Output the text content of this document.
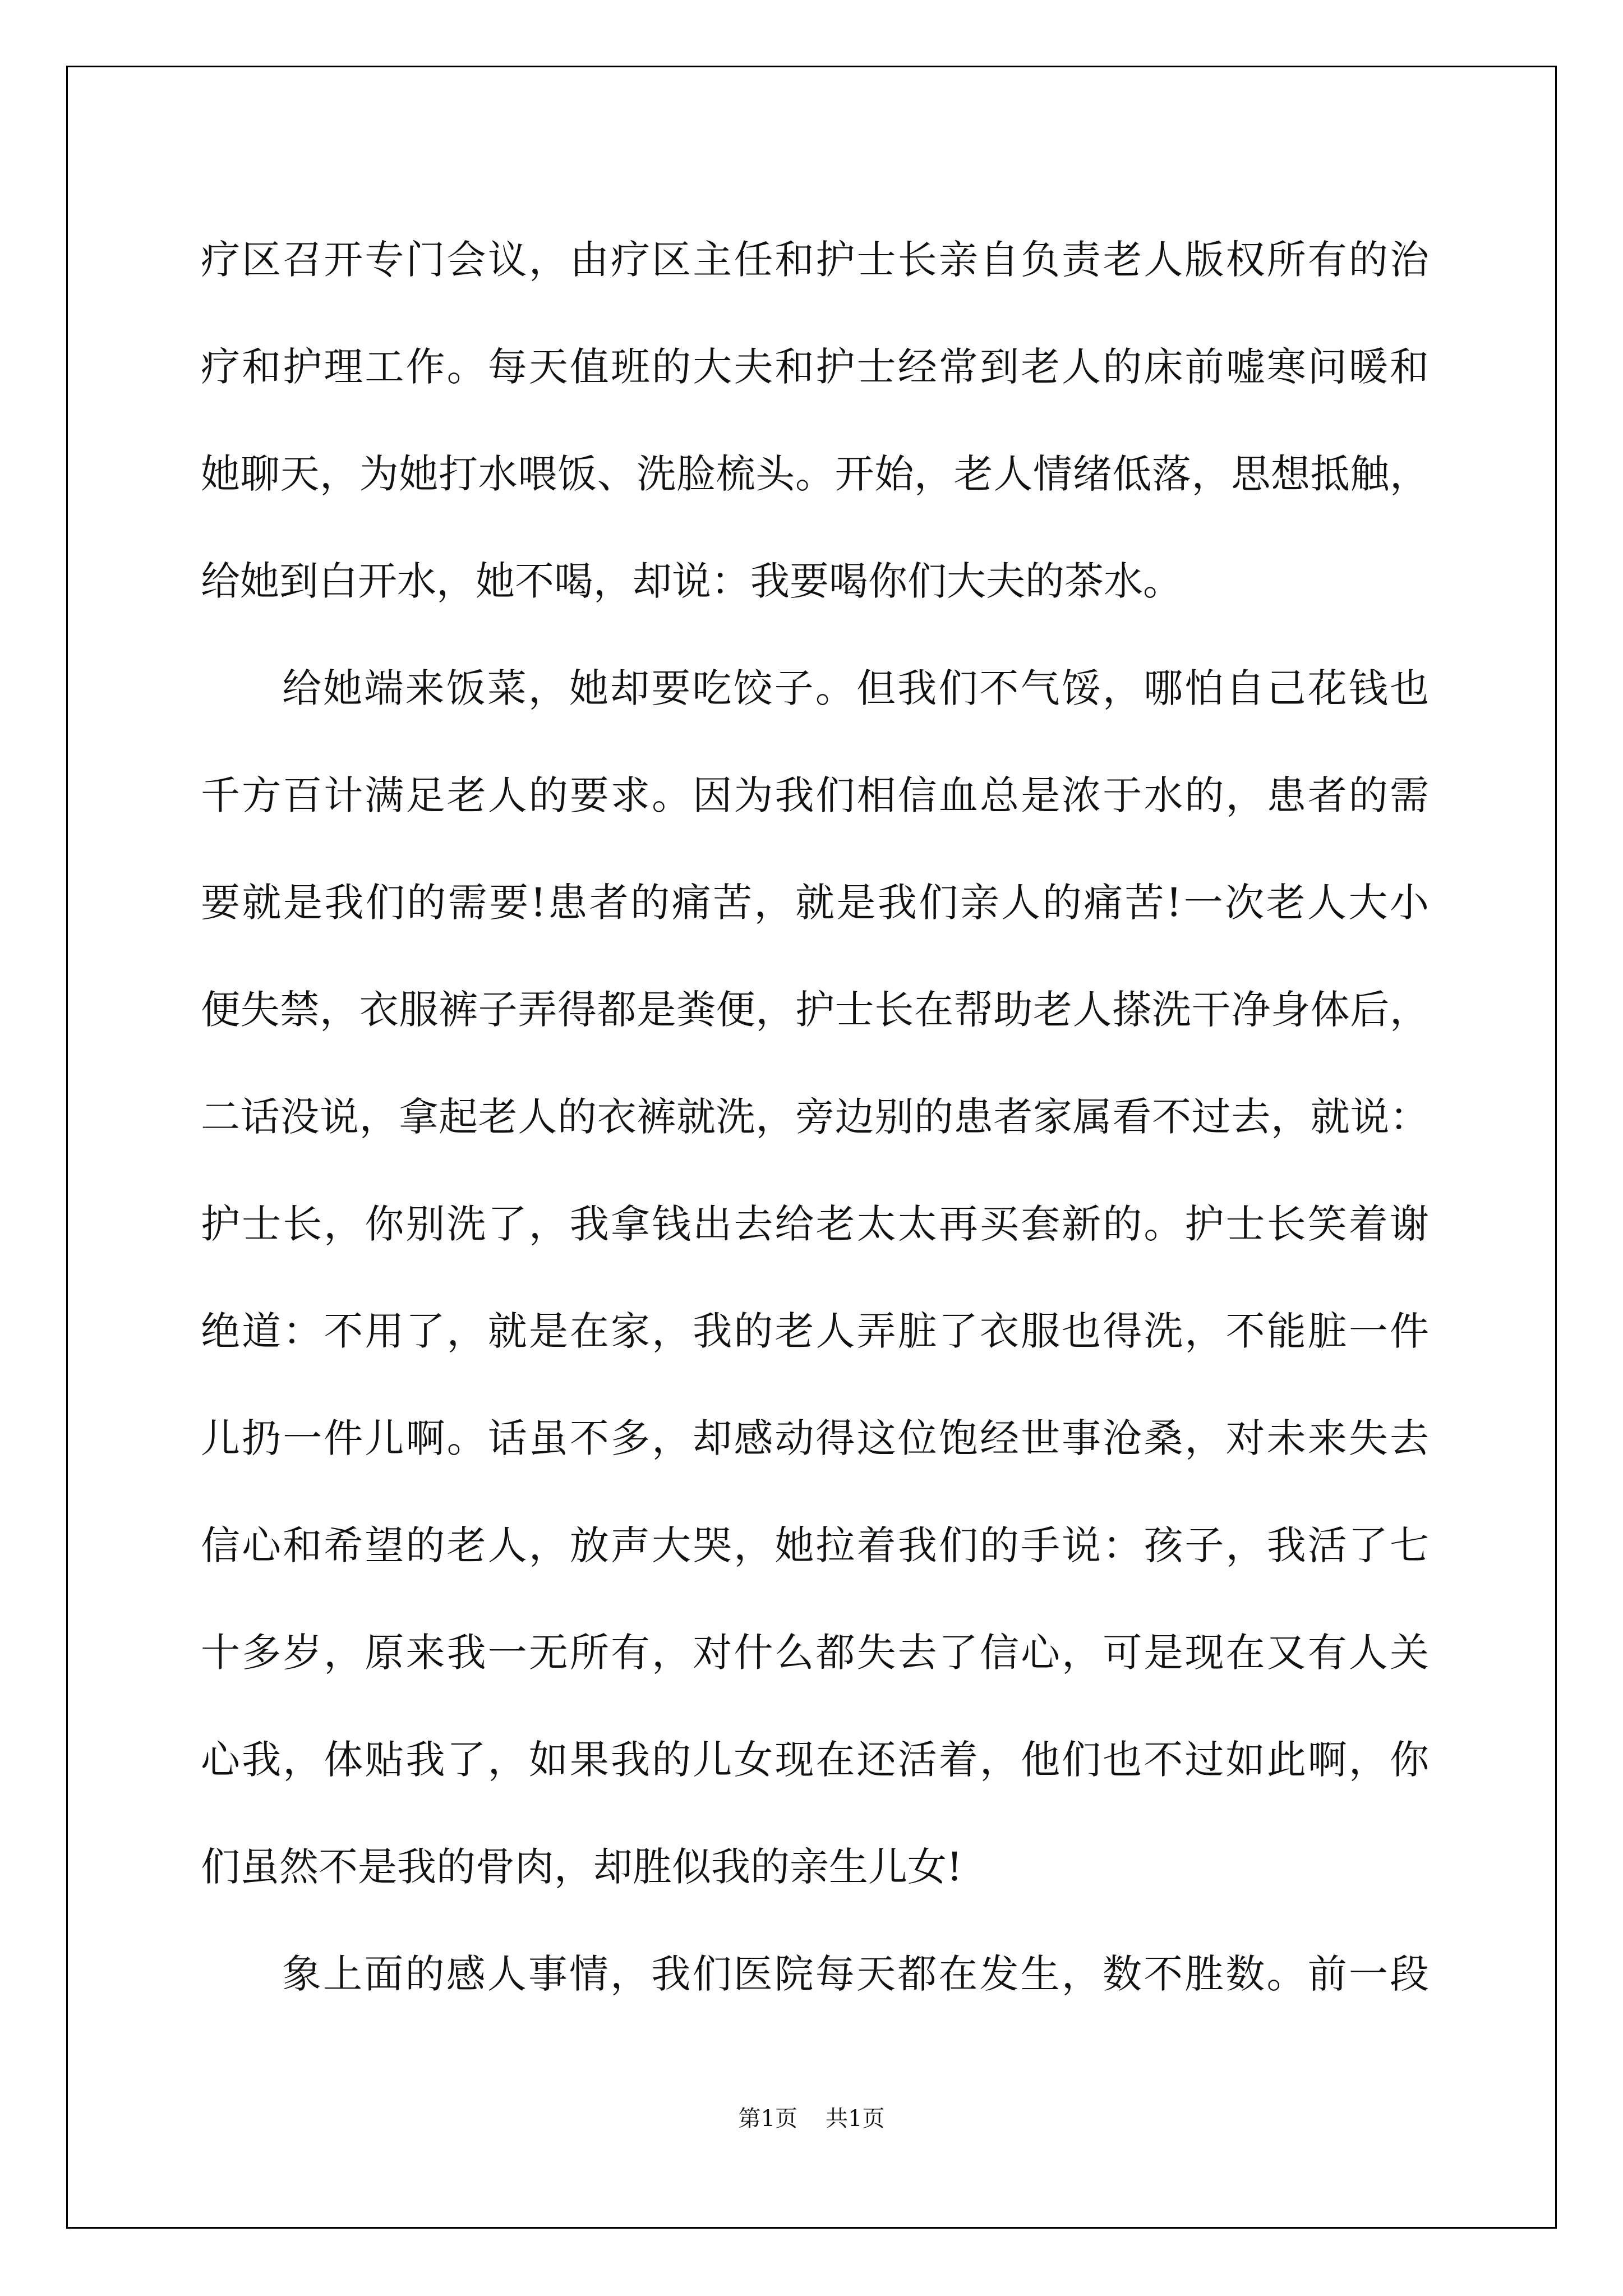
疗区召开专门会议，由疗区主任和护士长亲自负责老人版权所有的治
疗和护理工作。每天值班的大夫和护士经常到老人的床前嘘寒问暖和
她聊天，为她打水喂饭、洗脸梳头。开始，老人情绪低落，思想抵触，
给她到白开水，她不喝，却说：我要喝你们大夫的茶水。
给她端来饭菜，她却要吃饺子。但我们不气馁，哪怕自己花钱也
千方百计满足老人的要求。因为我们相信血总是浓于水的，患者的需
要就是我们的需要!患者的痛苦，就是我们亲人的痛苦!一次老人大小
便失禁，衣服裤子弄得都是粪便，护士长在帮助老人搽洗干净身体后，
二话没说，拿起老人的衣裤就洗，旁边别的患者家属看不过去，就说：
护士长，你别洗了，我拿钱出去给老太太再买套新的。护士长笑着谢
绝道：不用了，就是在家，我的老人弄脏了衣服也得洗，不能脏一件
儿扔一件儿啊。话虽不多，却感动得这位饱经世事沧桑，对未来失去
信心和希望的老人，放声大哭，她拉着我们的手说：孩子，我活了七
十多岁，原来我一无所有，对什么都失去了信心，可是现在又有人关
心我，体贴我了，如果我的儿女现在还活着，他们也不过如此啊，你
们虽然不是我的骨肉，却胜似我的亲生儿女!
象上面的感人事情，我们医院每天都在发生，数不胜数。前一段
第1页 共1页
